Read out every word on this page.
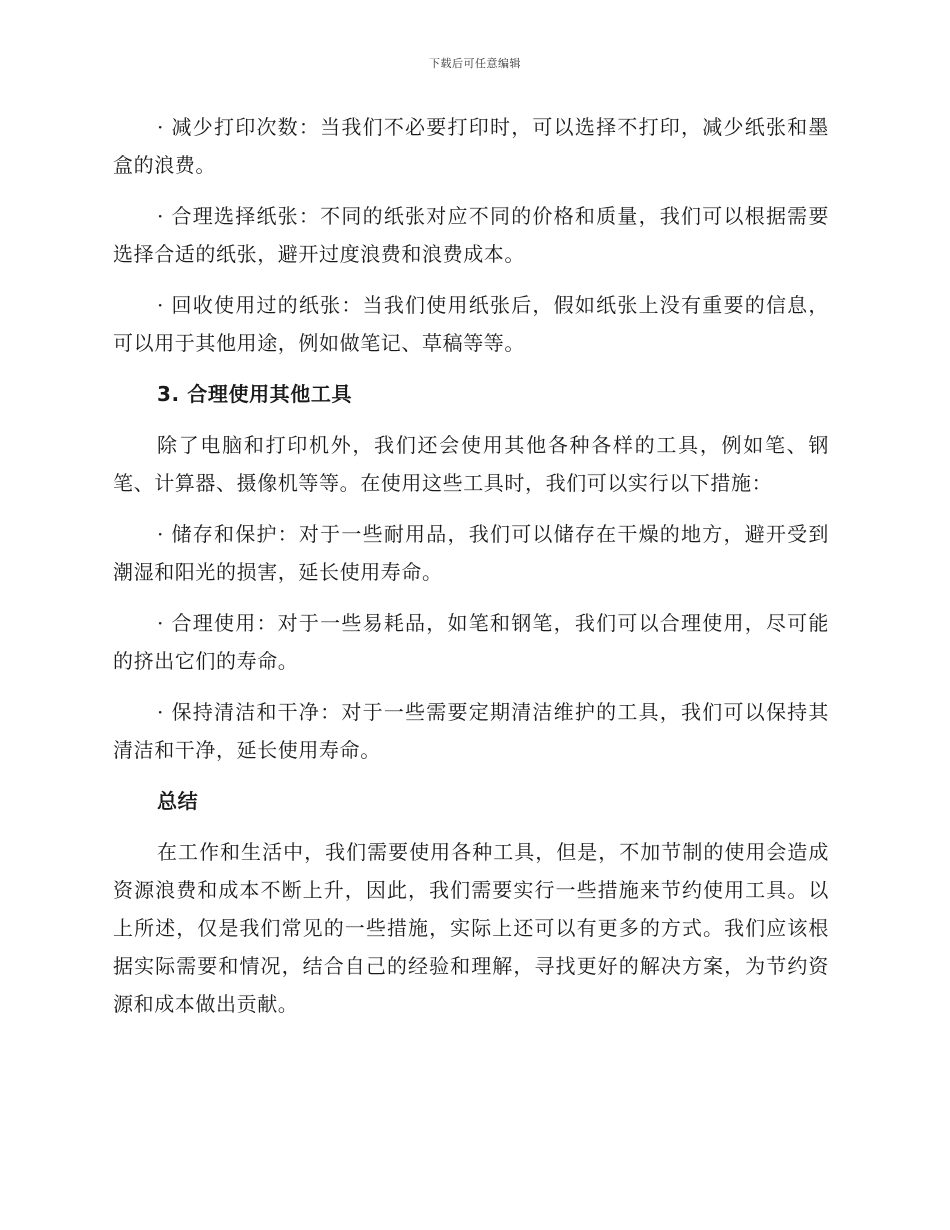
下载后可任意编辑

· 减少打印次数：当我们不必要打印时，可以选择不打印，减少纸张和墨盒的浪费。

· 合理选择纸张：不同的纸张对应不同的价格和质量，我们可以根据需要选择合适的纸张，避开过度浪费和浪费成本。

· 回收使用过的纸张：当我们使用纸张后，假如纸张上没有重要的信息，可以用于其他用途，例如做笔记、草稿等等。

3. 合理使用其他工具

除了电脑和打印机外，我们还会使用其他各种各样的工具，例如笔、钢笔、计算器、摄像机等等。在使用这些工具时，我们可以实行以下措施：

· 储存和保护：对于一些耐用品，我们可以储存在干燥的地方，避开受到潮湿和阳光的损害，延长使用寿命。

· 合理使用：对于一些易耗品，如笔和钢笔，我们可以合理使用，尽可能的挤出它们的寿命。

· 保持清洁和干净：对于一些需要定期清洁维护的工具，我们可以保持其清洁和干净，延长使用寿命。

总结

在工作和生活中，我们需要使用各种工具，但是，不加节制的使用会造成资源浪费和成本不断上升，因此，我们需要实行一些措施来节约使用工具。以上所述，仅是我们常见的一些措施，实际上还可以有更多的方式。我们应该根据实际需要和情况，结合自己的经验和理解，寻找更好的解决方案，为节约资源和成本做出贡献。
